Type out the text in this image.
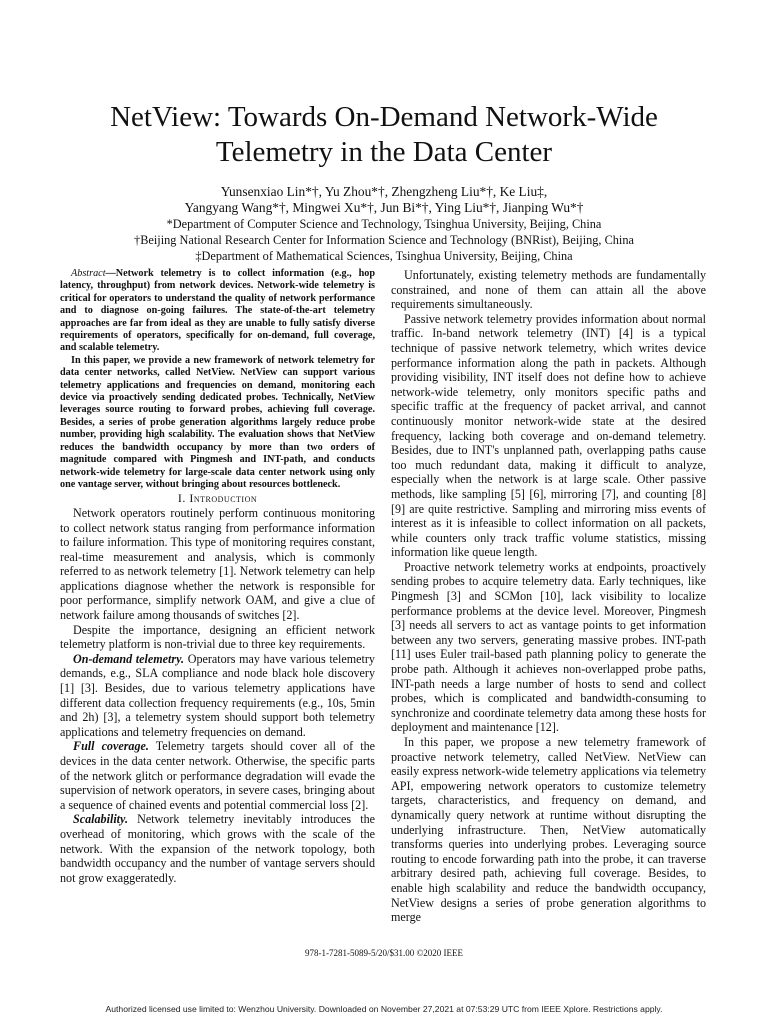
NetView: Towards On-Demand Network-Wide Telemetry in the Data Center
Yunsenxiao Lin*†, Yu Zhou*†, Zhengzheng Liu*†, Ke Liu‡,
Yangyang Wang*†, Mingwei Xu*†, Jun Bi*†, Ying Liu*†, Jianping Wu*†
*Department of Computer Science and Technology, Tsinghua University, Beijing, China
†Beijing National Research Center for Information Science and Technology (BNRist), Beijing, China
‡Department of Mathematical Sciences, Tsinghua University, Beijing, China

Abstract—Network telemetry is to collect information (e.g., hop latency, throughput) from network devices. Network-wide telemetry is critical for operators to understand the quality of network performance and to diagnose on-going failures. The state-of-the-art telemetry approaches are far from ideal as they are unable to fully satisfy diverse requirements of operators, specifically for on-demand, full coverage, and scalable telemetry.

In this paper, we provide a new framework of network telemetry for data center networks, called NetView. NetView can support various telemetry applications and frequencies on demand, monitoring each device via proactively sending dedicated probes. Technically, NetView leverages source routing to forward probes, achieving full coverage. Besides, a series of probe generation algorithms largely reduce probe number, providing high scalability. The evaluation shows that NetView reduces the bandwidth occupancy by more than two orders of magnitude compared with Pingmesh and INT-path, and conducts network-wide telemetry for large-scale data center network using only one vantage server, without bringing about resources bottleneck.

I. Introduction

Network operators routinely perform continuous monitoring to collect network status ranging from performance information to failure information. This type of monitoring requires constant, real-time measurement and analysis, which is commonly referred to as network telemetry [1]. Network telemetry can help applications diagnose whether the network is responsible for poor performance, simplify network OAM, and give a clue of network failure among thousands of switches [2].

Despite the importance, designing an efficient network telemetry platform is non-trivial due to three key requirements.

On-demand telemetry. Operators may have various telemetry demands, e.g., SLA compliance and node black hole discovery [1] [3]. Besides, due to various telemetry applications have different data collection frequency requirements (e.g., 10s, 5min and 2h) [3], a telemetry system should support both telemetry applications and telemetry frequencies on demand.

Full coverage. Telemetry targets should cover all of the devices in the data center network. Otherwise, the specific parts of the network glitch or performance degradation will evade the supervision of network operators, in severe cases, bringing about a sequence of chained events and potential commercial loss [2].

Scalability. Network telemetry inevitably introduces the overhead of monitoring, which grows with the scale of the network. With the expansion of the network topology, both bandwidth occupancy and the number of vantage servers should not grow exaggeratedly.

Unfortunately, existing telemetry methods are fundamentally constrained, and none of them can attain all the above requirements simultaneously.

Passive network telemetry provides information about normal traffic. In-band network telemetry (INT) [4] is a typical technique of passive network telemetry, which writes device performance information along the path in packets. Although providing visibility, INT itself does not define how to achieve network-wide telemetry, only monitors specific paths and specific traffic at the frequency of packet arrival, and cannot continuously monitor network-wide state at the desired frequency, lacking both coverage and on-demand telemetry. Besides, due to INT's unplanned path, overlapping paths cause too much redundant data, making it difficult to analyze, especially when the network is at large scale. Other passive methods, like sampling [5] [6], mirroring [7], and counting [8] [9] are quite restrictive. Sampling and mirroring miss events of interest as it is infeasible to collect information on all packets, while counters only track traffic volume statistics, missing information like queue length.

Proactive network telemetry works at endpoints, proactively sending probes to acquire telemetry data. Early techniques, like Pingmesh [3] and SCMon [10], lack visibility to localize performance problems at the device level. Moreover, Pingmesh [3] needs all servers to act as vantage points to get information between any two servers, generating massive probes. INT-path [11] uses Euler trail-based path planning policy to generate the probe path. Although it achieves non-overlapped probe paths, INT-path needs a large number of hosts to send and collect probes, which is complicated and bandwidth-consuming to synchronize and coordinate telemetry data among these hosts for deployment and maintenance [12].

In this paper, we propose a new telemetry framework of proactive network telemetry, called NetView. NetView can easily express network-wide telemetry applications via telemetry API, empowering network operators to customize telemetry targets, characteristics, and frequency on demand, and dynamically query network at runtime without disrupting the underlying infrastructure. Then, NetView automatically transforms queries into underlying probes. Leveraging source routing to encode forwarding path into the probe, it can traverse arbitrary desired path, achieving full coverage. Besides, to enable high scalability and reduce the bandwidth occupancy, NetView designs a series of probe generation algorithms to merge

978-1-7281-5089-5/20/$31.00 ©2020 IEEE
Authorized licensed use limited to: Wenzhou University. Downloaded on November 27,2021 at 07:53:29 UTC from IEEE Xplore. Restrictions apply.
